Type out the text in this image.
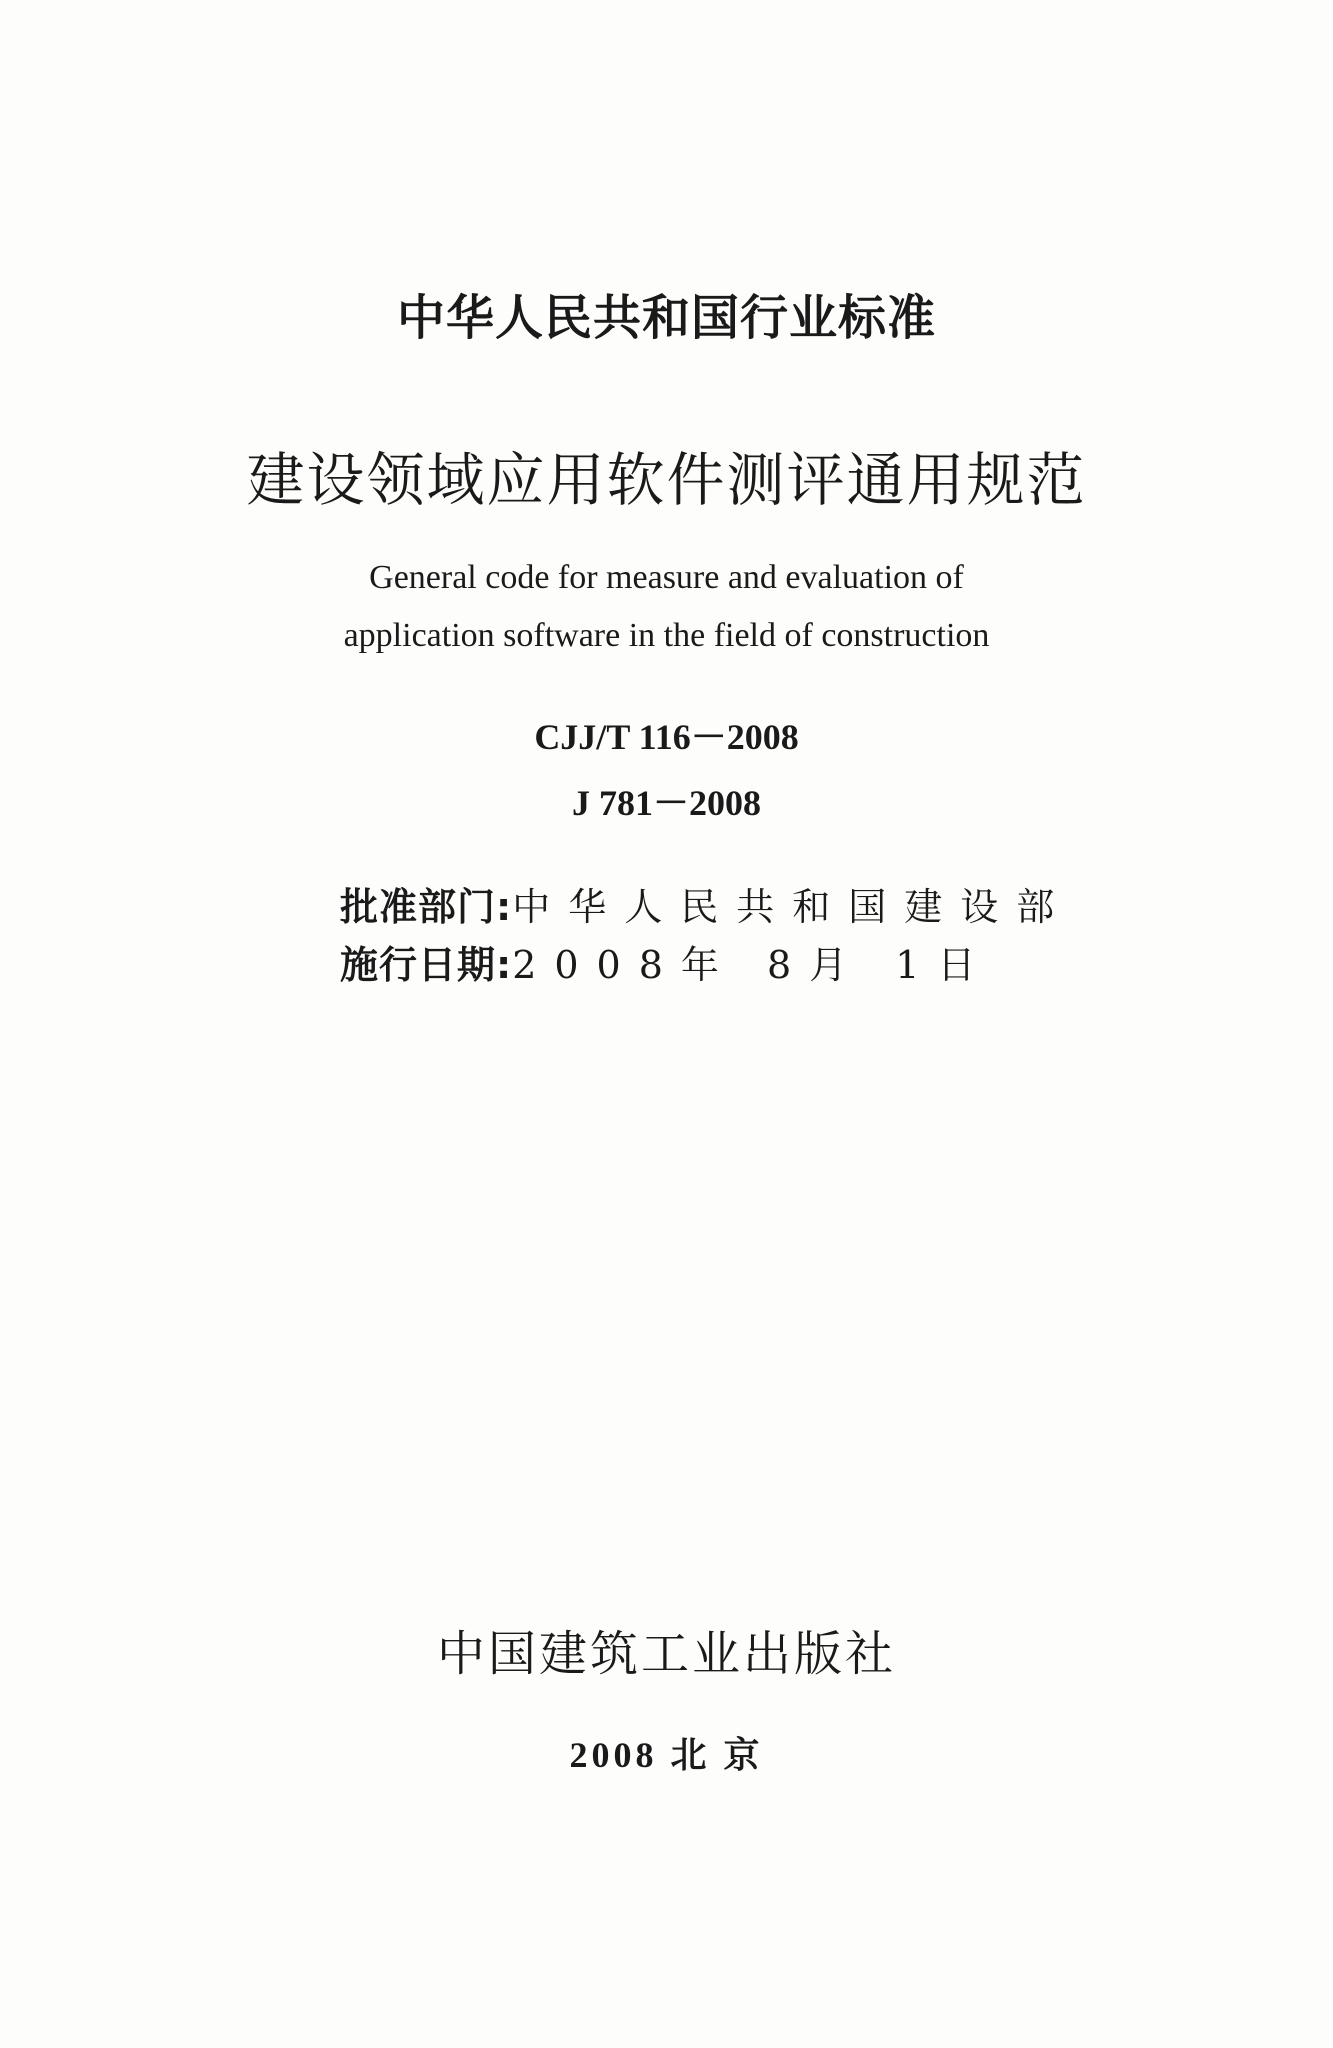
中华人民共和国行业标准
建设领域应用软件测评通用规范
General code for measure and evaluation of
application software in the field of construction
CJJ/T 116－2008
J 781－2008
批准部门:中华人民共和国建设部
施行日期:2008年 8月 1日
中国建筑工业出版社
2008 北 京
